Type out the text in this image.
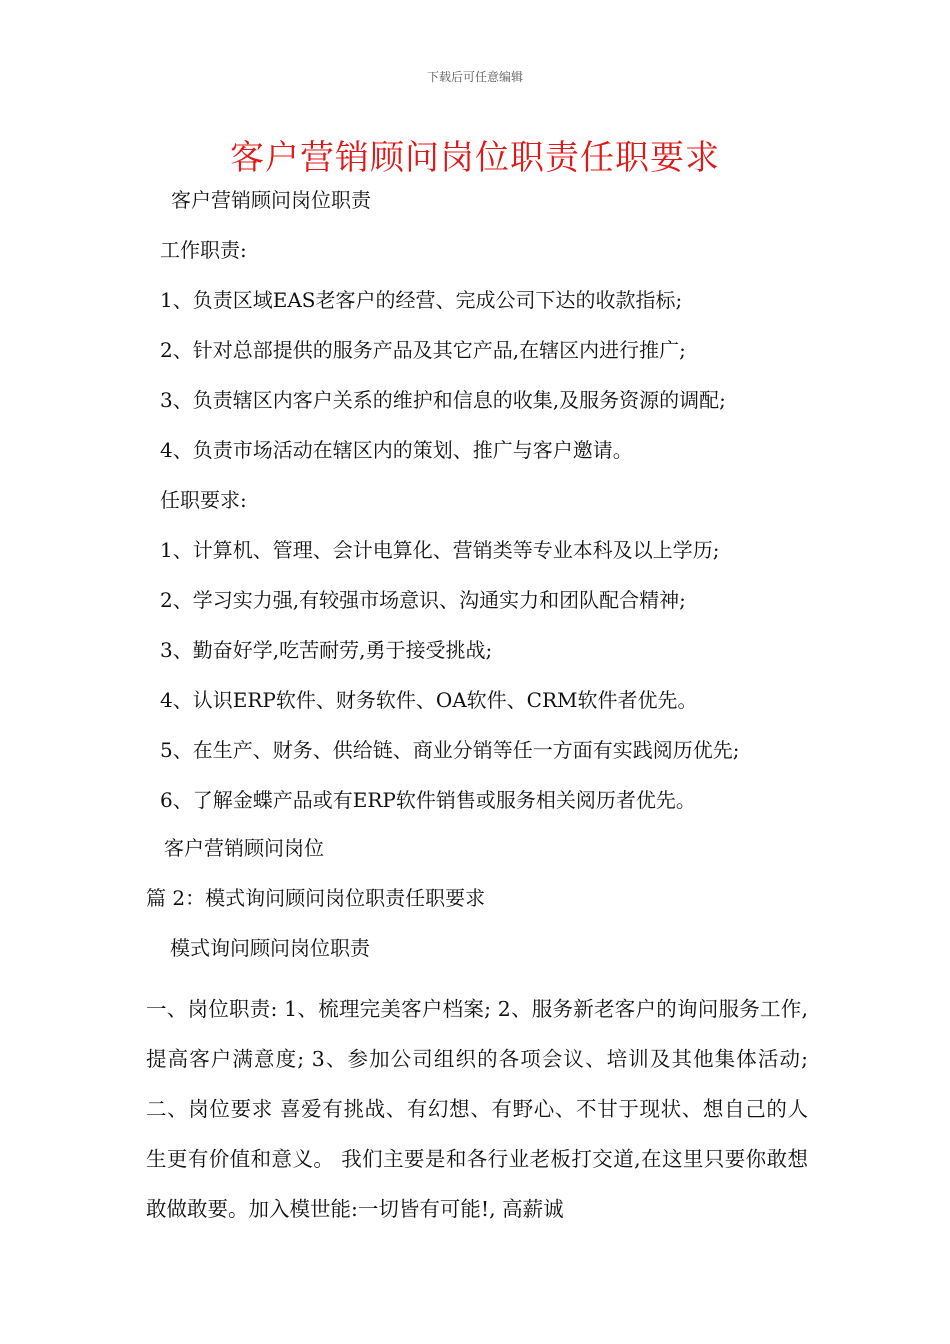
下载后可任意编辑
客户营销顾问岗位职责任职要求
客户营销顾问岗位职责
工作职责:
1、负责区域EAS老客户的经营、完成公司下达的收款指标;
2、针对总部提供的服务产品及其它产品,在辖区内进行推广;
3、负责辖区内客户关系的维护和信息的收集,及服务资源的调配;
4、负责市场活动在辖区内的策划、推广与客户邀请。
任职要求:
1、计算机、管理、会计电算化、营销类等专业本科及以上学历;
2、学习实力强,有较强市场意识、沟通实力和团队配合精神;
3、勤奋好学,吃苦耐劳,勇于接受挑战;
4、认识ERP软件、财务软件、OA软件、CRM软件者优先。
5、在生产、财务、供给链、商业分销等任一方面有实践阅历优先;
6、了解金蝶产品或有ERP软件销售或服务相关阅历者优先。
客户营销顾问岗位
篇 2：模式询问顾问岗位职责任职要求
模式询问顾问岗位职责
一、岗位职责: 1、梳理完美客户档案; 2、服务新老客户的询问服务工作,提高客户满意度; 3、参加公司组织的各项会议、培训及其他集体活动; 二、岗位要求 喜爱有挑战、有幻想、有野心、不甘于现状、想自己的人生更有价值和意义。 我们主要是和各行业老板打交道,在这里只要你敢想敢做敢要。加入模世能:一切皆有可能!, 高薪诚
